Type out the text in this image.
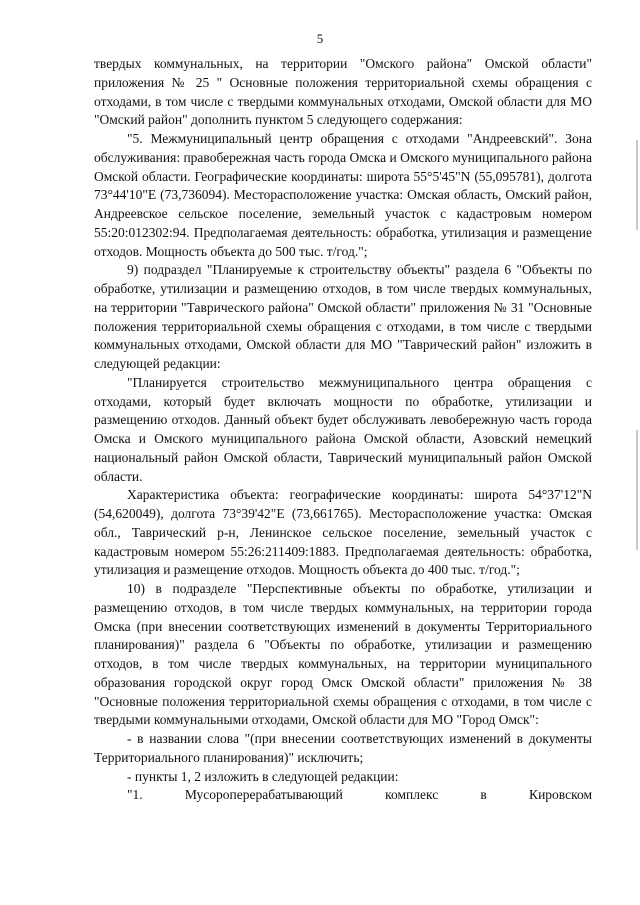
5

твердых коммунальных, на территории "Омского района" Омской области" приложения № 25 " Основные положения территориальной схемы обращения с отходами, в том числе с твердыми коммунальных отходами, Омской области для МО "Омский район" дополнить пунктом 5 следующего содержания:

"5. Межмуниципальный центр обращения с отходами "Андреевский". Зона обслуживания: правобережная часть города Омска и Омского муниципального района Омской области. Географические координаты: широта 55°5'45"N (55,095781), долгота 73°44'10"E (73,736094). Месторасположение участка: Омская область, Омский район, Андреевское сельское поселение, земельный участок с кадастровым номером 55:20:012302:94. Предполагаемая деятельность: обработка, утилизация и размещение отходов. Мощность объекта до 500 тыс. т/год.";

9) подраздел "Планируемые к строительству объекты" раздела 6 "Объекты по обработке, утилизации и размещению отходов, в том числе твердых коммунальных, на территории "Таврического района" Омской области" приложения № 31 "Основные положения территориальной схемы обращения с отходами, в том числе с твердыми коммунальных отходами, Омской области для МО "Таврический район" изложить в следующей редакции:

"Планируется строительство межмуниципального центра обращения с отходами, который будет включать мощности по обработке, утилизации и размещению отходов. Данный объект будет обслуживать левобережную часть города Омска и Омского муниципального района Омской области, Азовский немецкий национальный район Омской области, Таврический муниципальный район Омской области.

Характеристика объекта: географические координаты: широта 54°37'12"N (54,620049), долгота 73°39'42"E (73,661765). Месторасположение участка: Омская обл., Таврический р-н, Ленинское сельское поселение, земельный участок с кадастровым номером 55:26:211409:1883. Предполагаемая деятельность: обработка, утилизация и размещение отходов. Мощность объекта до 400 тыс. т/год.";

10) в подразделе "Перспективные объекты по обработке, утилизации и размещению отходов, в том числе твердых коммунальных, на территории города Омска (при внесении соответствующих изменений в документы Территориального планирования)" раздела 6 "Объекты по обработке, утилизации и размещению отходов, в том числе твердых коммунальных, на территории муниципального образования городской округ город Омск Омской области" приложения № 38 "Основные положения территориальной схемы обращения с отходами, в том числе с твердыми коммунальными отходами, Омской области для МО "Город Омск":

- в названии слова "(при внесении соответствующих изменений в документы Территориального планирования)" исключить;

- пункты 1, 2 изложить в следующей редакции:

"1. Мусороперерабатывающий комплекс в Кировском
